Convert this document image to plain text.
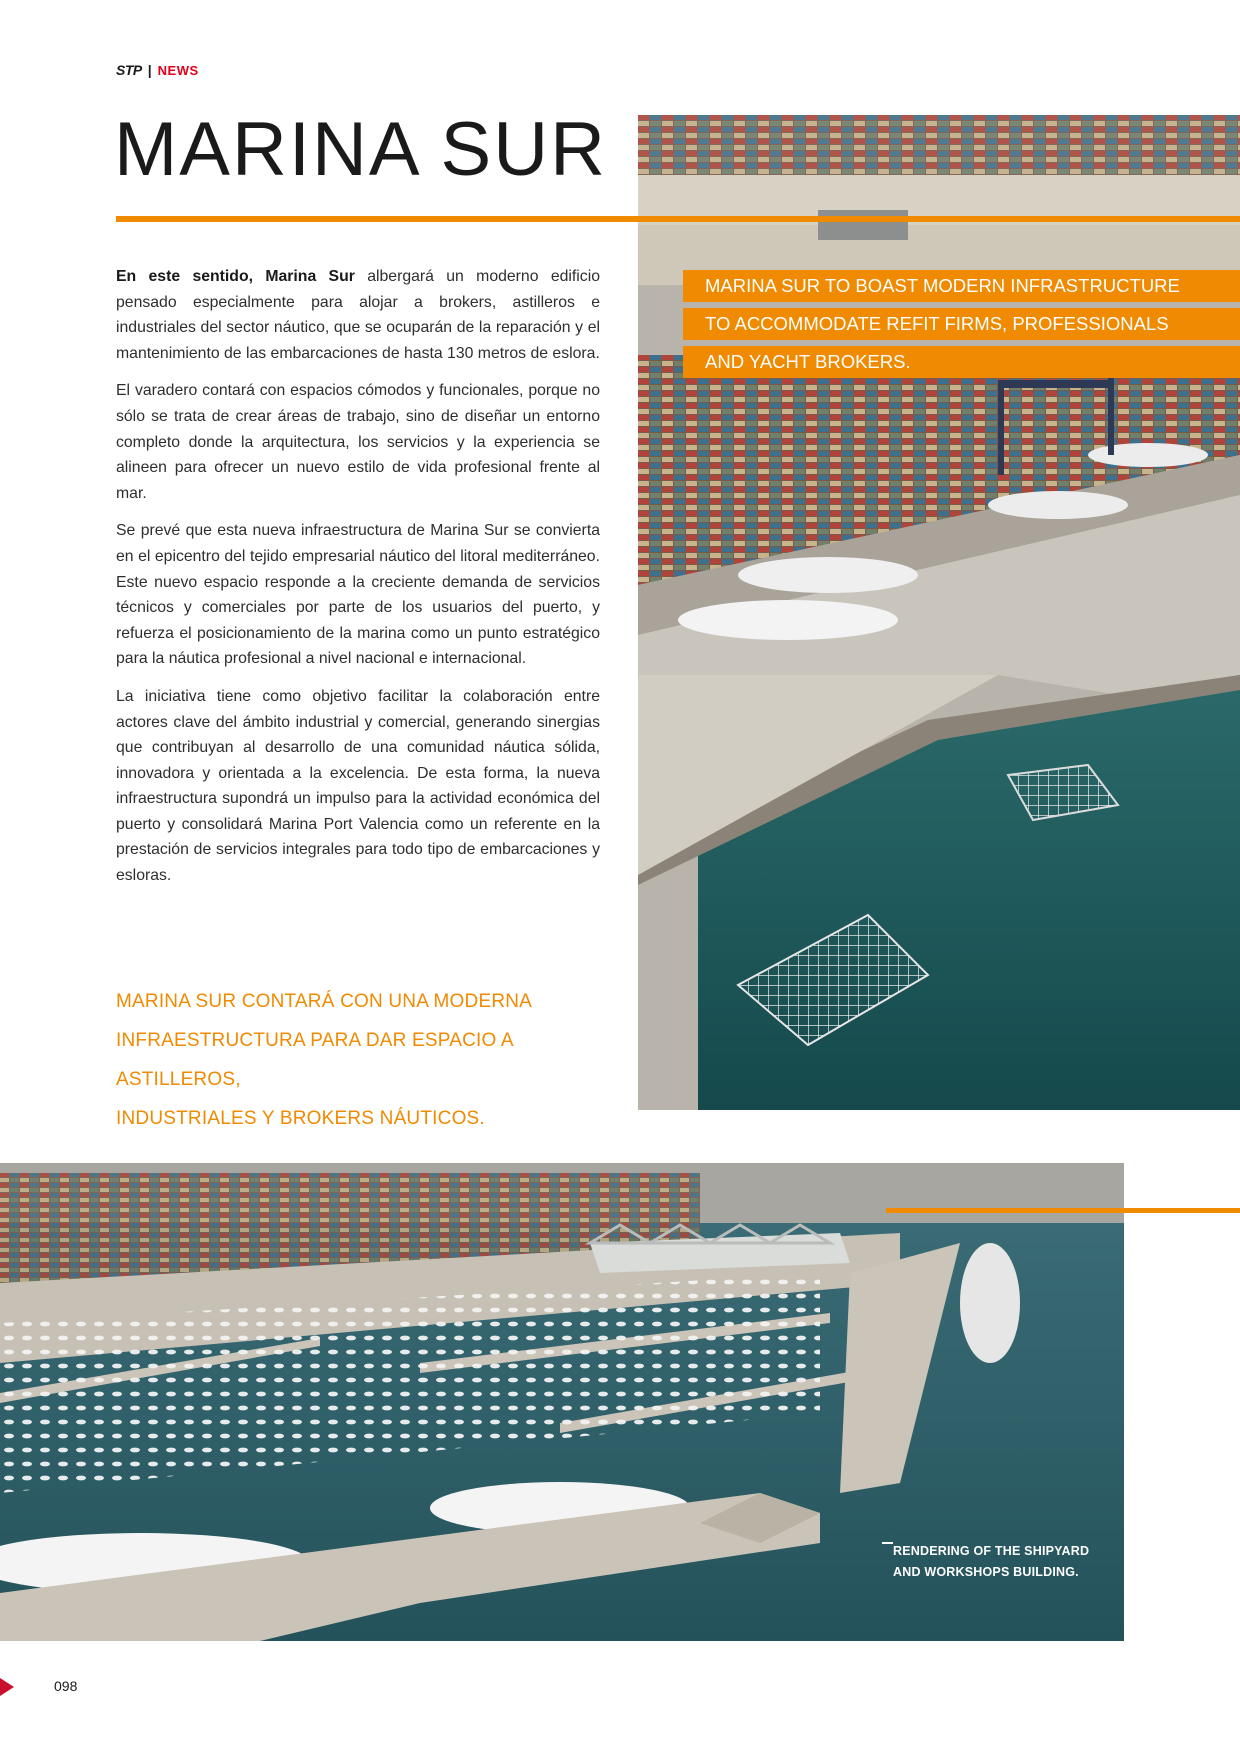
STP | NEWS
MARINA SUR
MARINA SUR TO BOAST MODERN INFRASTRUCTURE
TO ACCOMMODATE REFIT FIRMS, PROFESSIONALS
AND YACHT BROKERS.

En este sentido, Marina Sur albergará un moderno edificio pensado especialmente para alojar a brokers, astilleros e industriales del sector náutico, que se ocuparán de la reparación y el mantenimiento de las embarcaciones de hasta 130 metros de eslora.

El varadero contará con espacios cómodos y funcionales, porque no sólo se trata de crear áreas de trabajo, sino de diseñar un entorno completo donde la arquitectura, los servicios y la experiencia se alineen para ofrecer un nuevo estilo de vida profesional frente al mar.

Se prevé que esta nueva infraestructura de Marina Sur se convierta en el epicentro del tejido empresarial náutico del litoral mediterráneo. Este nuevo espacio responde a la creciente demanda de servicios técnicos y comerciales por parte de los usuarios del puerto, y refuerza el posicionamiento de la marina como un punto estratégico para la náutica profesional a nivel nacional e internacional.

La iniciativa tiene como objetivo facilitar la colaboración entre actores clave del ámbito industrial y comercial, generando sinergias que contribuyan al desarrollo de una comunidad náutica sólida, innovadora y orientada a la excelencia. De esta forma, la nueva infraestructura supondrá un impulso para la actividad económica del puerto y consolidará Marina Port Valencia como un referente en la prestación de servicios integrales para todo tipo de embarcaciones y esloras.

MARINA SUR CONTARÁ CON UNA MODERNA
INFRAESTRUCTURA PARA DAR ESPACIO A ASTILLEROS,
INDUSTRIALES Y BROKERS NÁUTICOS.
RENDERING OF THE SHIPYARD
AND WORKSHOPS BUILDING.
098
